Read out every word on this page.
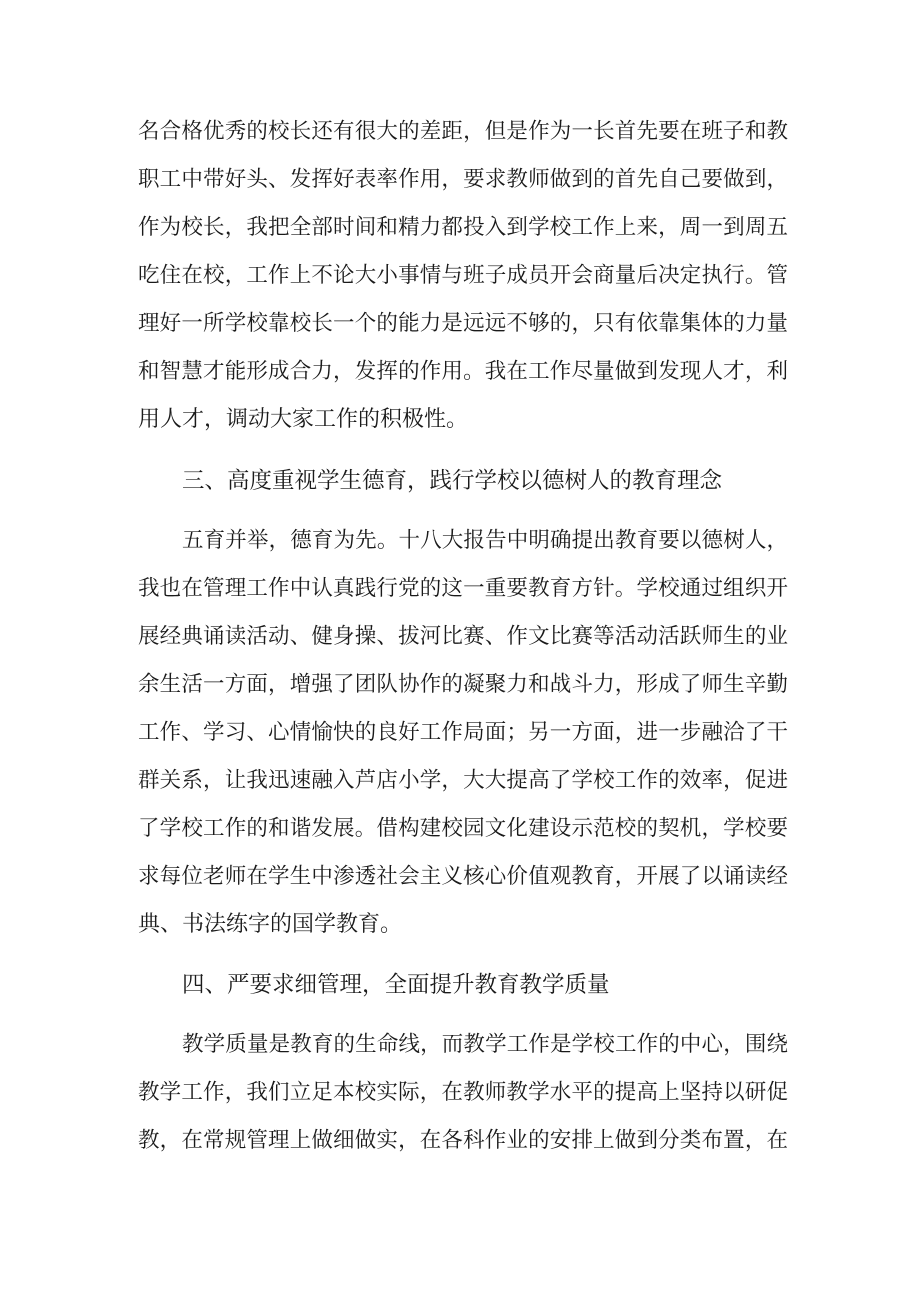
名合格优秀的校长还有很大的差距，但是作为一长首先要在班子和教
职工中带好头、发挥好表率作用，要求教师做到的首先自己要做到，
作为校长，我把全部时间和精力都投入到学校工作上来，周一到周五
吃住在校，工作上不论大小事情与班子成员开会商量后决定执行。管
理好一所学校靠校长一个的能力是远远不够的，只有依靠集体的力量
和智慧才能形成合力，发挥的作用。我在工作尽量做到发现人才，利
用人才，调动大家工作的积极性。
三、高度重视学生德育，践行学校以德树人的教育理念
五育并举，德育为先。十八大报告中明确提出教育要以德树人，
我也在管理工作中认真践行党的这一重要教育方针。学校通过组织开
展经典诵读活动、健身操、拔河比赛、作文比赛等活动活跃师生的业
余生活一方面，增强了团队协作的凝聚力和战斗力，形成了师生辛勤
工作、学习、心情愉快的良好工作局面；另一方面，进一步融洽了干
群关系，让我迅速融入芦店小学，大大提高了学校工作的效率，促进
了学校工作的和谐发展。借构建校园文化建设示范校的契机，学校要
求每位老师在学生中渗透社会主义核心价值观教育，开展了以诵读经
典、书法练字的国学教育。
四、严要求细管理，全面提升教育教学质量
教学质量是教育的生命线，而教学工作是学校工作的中心，围绕
教学工作，我们立足本校实际，在教师教学水平的提高上坚持以研促
教，在常规管理上做细做实，在各科作业的安排上做到分类布置，在
